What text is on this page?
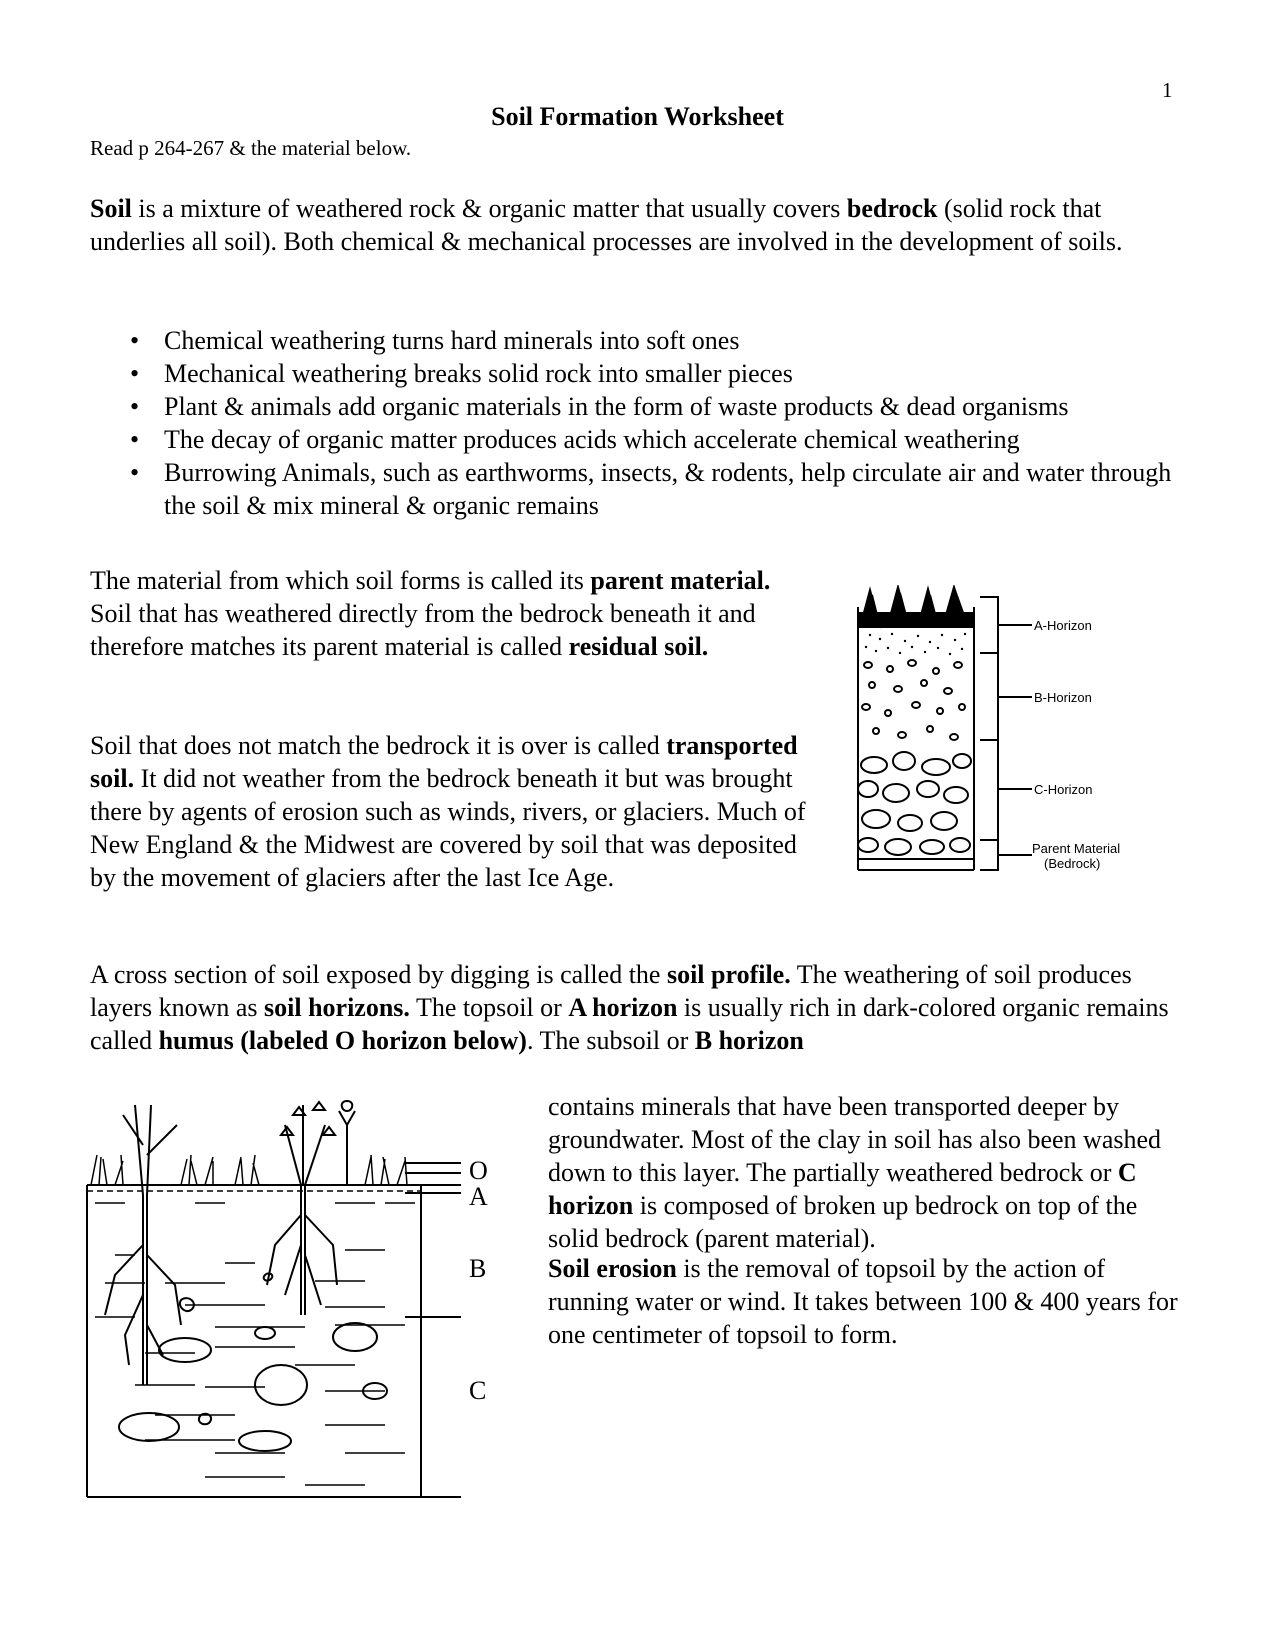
1
Soil Formation Worksheet
Read p 264-267 & the material below.
Soil is a mixture of weathered rock & organic matter that usually covers bedrock (solid rock that underlies all soil). Both chemical & mechanical processes are involved in the development of soils.
• Chemical weathering turns hard minerals into soft ones
• Mechanical weathering breaks solid rock into smaller pieces
• Plant & animals add organic materials in the form of waste products & dead organisms
• The decay of organic matter produces acids which accelerate chemical weathering
• Burrowing Animals, such as earthworms, insects, & rodents, help circulate air and water through the soil & mix mineral & organic remains
The material from which soil forms is called its parent material. Soil that has weathered directly from the bedrock beneath it and therefore matches its parent material is called residual soil.
Soil that does not match the bedrock it is over is called transported soil. It did not weather from the bedrock beneath it but was brought there by agents of erosion such as winds, rivers, or glaciers. Much of New England & the Midwest are covered by soil that was deposited by the movement of glaciers after the last Ice Age.
A cross section of soil exposed by digging is called the soil profile. The weathering of soil produces layers known as soil horizons. The topsoil or A horizon is usually rich in dark-colored organic remains called humus (labeled O horizon below). The subsoil or B horizon
contains minerals that have been transported deeper by groundwater. Most of the clay in soil has also been washed down to this layer. The partially weathered bedrock or C horizon is composed of broken up bedrock on top of the solid bedrock (parent material).
Soil erosion is the removal of topsoil by the action of running water or wind. It takes between 100 & 400 years for one centimeter of topsoil to form.
A-Horizon
B-Horizon
C-Horizon
Parent Material
(Bedrock)
O
A
B
C
